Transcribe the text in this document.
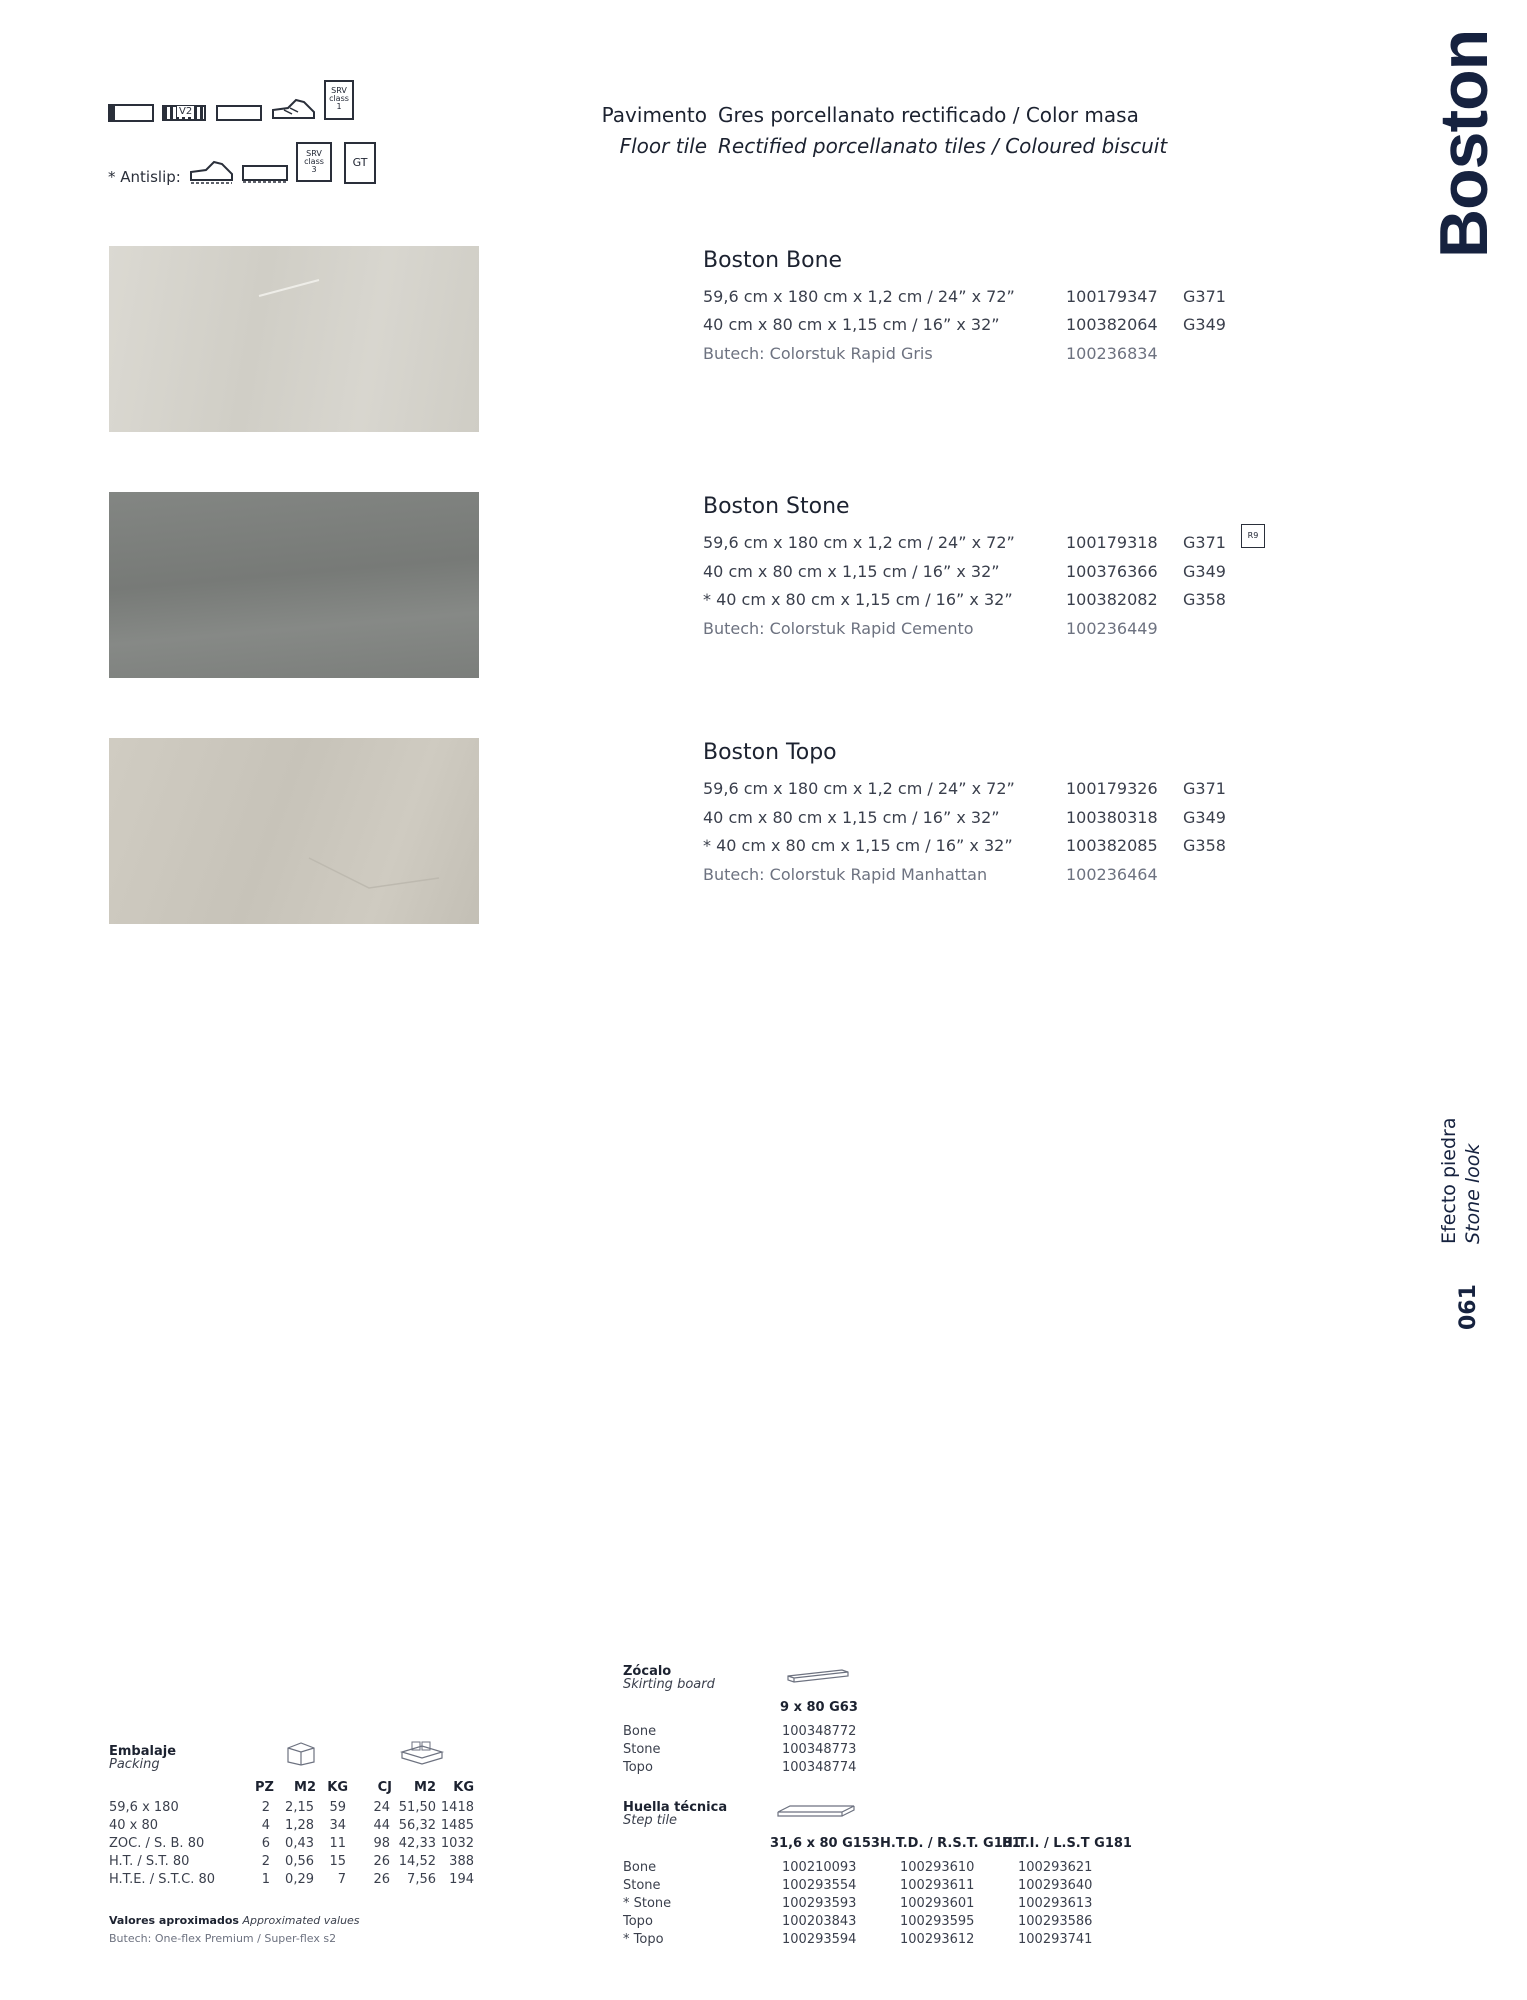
V2
SRV
class
1
* Antislip:
SRV
class
3
GT
Pavimento Gres porcellanato rectificado / Color masa
Floor tile Rectified porcellanato tiles / Coloured biscuit	Boston
Efecto piedra Stone look
061
Boston Bone
59,6 cm x 180 cm x 1,2 cm / 24” x 72”	100179347 G371
40 cm x 80 cm x 1,15 cm / 16” x 32”	100382064 G349
Butech: Colorstuk Rapid Gris	100236834
Boston Stone
59,6 cm x 180 cm x 1,2 cm / 24” x 72”	100179318 G371	R9
40 cm x 80 cm x 1,15 cm / 16” x 32”	100376366 G349
* 40 cm x 80 cm x 1,15 cm / 16” x 32”	100382082 G358
Butech: Colorstuk Rapid Cemento	100236449
Boston Topo
59,6 cm x 180 cm x 1,2 cm / 24” x 72”	100179326 G371
40 cm x 80 cm x 1,15 cm / 16” x 32”	100380318 G349
* 40 cm x 80 cm x 1,15 cm / 16” x 32”	100382085 G358
Butech: Colorstuk Rapid Manhattan	100236464
Embalaje
Packing
PZ	M2 KG	CJ	M2	KG
59,6 x 180	2	2,15	59	24 51,50 1418
40 x 80	4	1,28	34	44 56,32 1485
ZOC. / S. B. 80	6	0,43	11	98 42,33 1032
H.T. / S.T. 80	2	0,56	15	26 14,52	388
H.T.E. / S.T.C. 80	1	0,29	7	26	7,56	194
Valores aproximados Approximated values
Butech: One-flex Premium / Super-flex s2
Zócalo
Skirting board
9 x 80 G63
Bone	100348772
Stone	100348773
Topo	100348774
Huella técnica
Step tile
31,6 x 80 G153 H.T.D. / R.S.T. G181
H.T.I. / L.S.T G181
Bone	100210093	100293610	100293621
Stone	100293554	100293611	100293640
* Stone	100293593	100293601	100293613
Topo	100203843	100293595	100293586
* Topo	100293594	100293612	100293741
